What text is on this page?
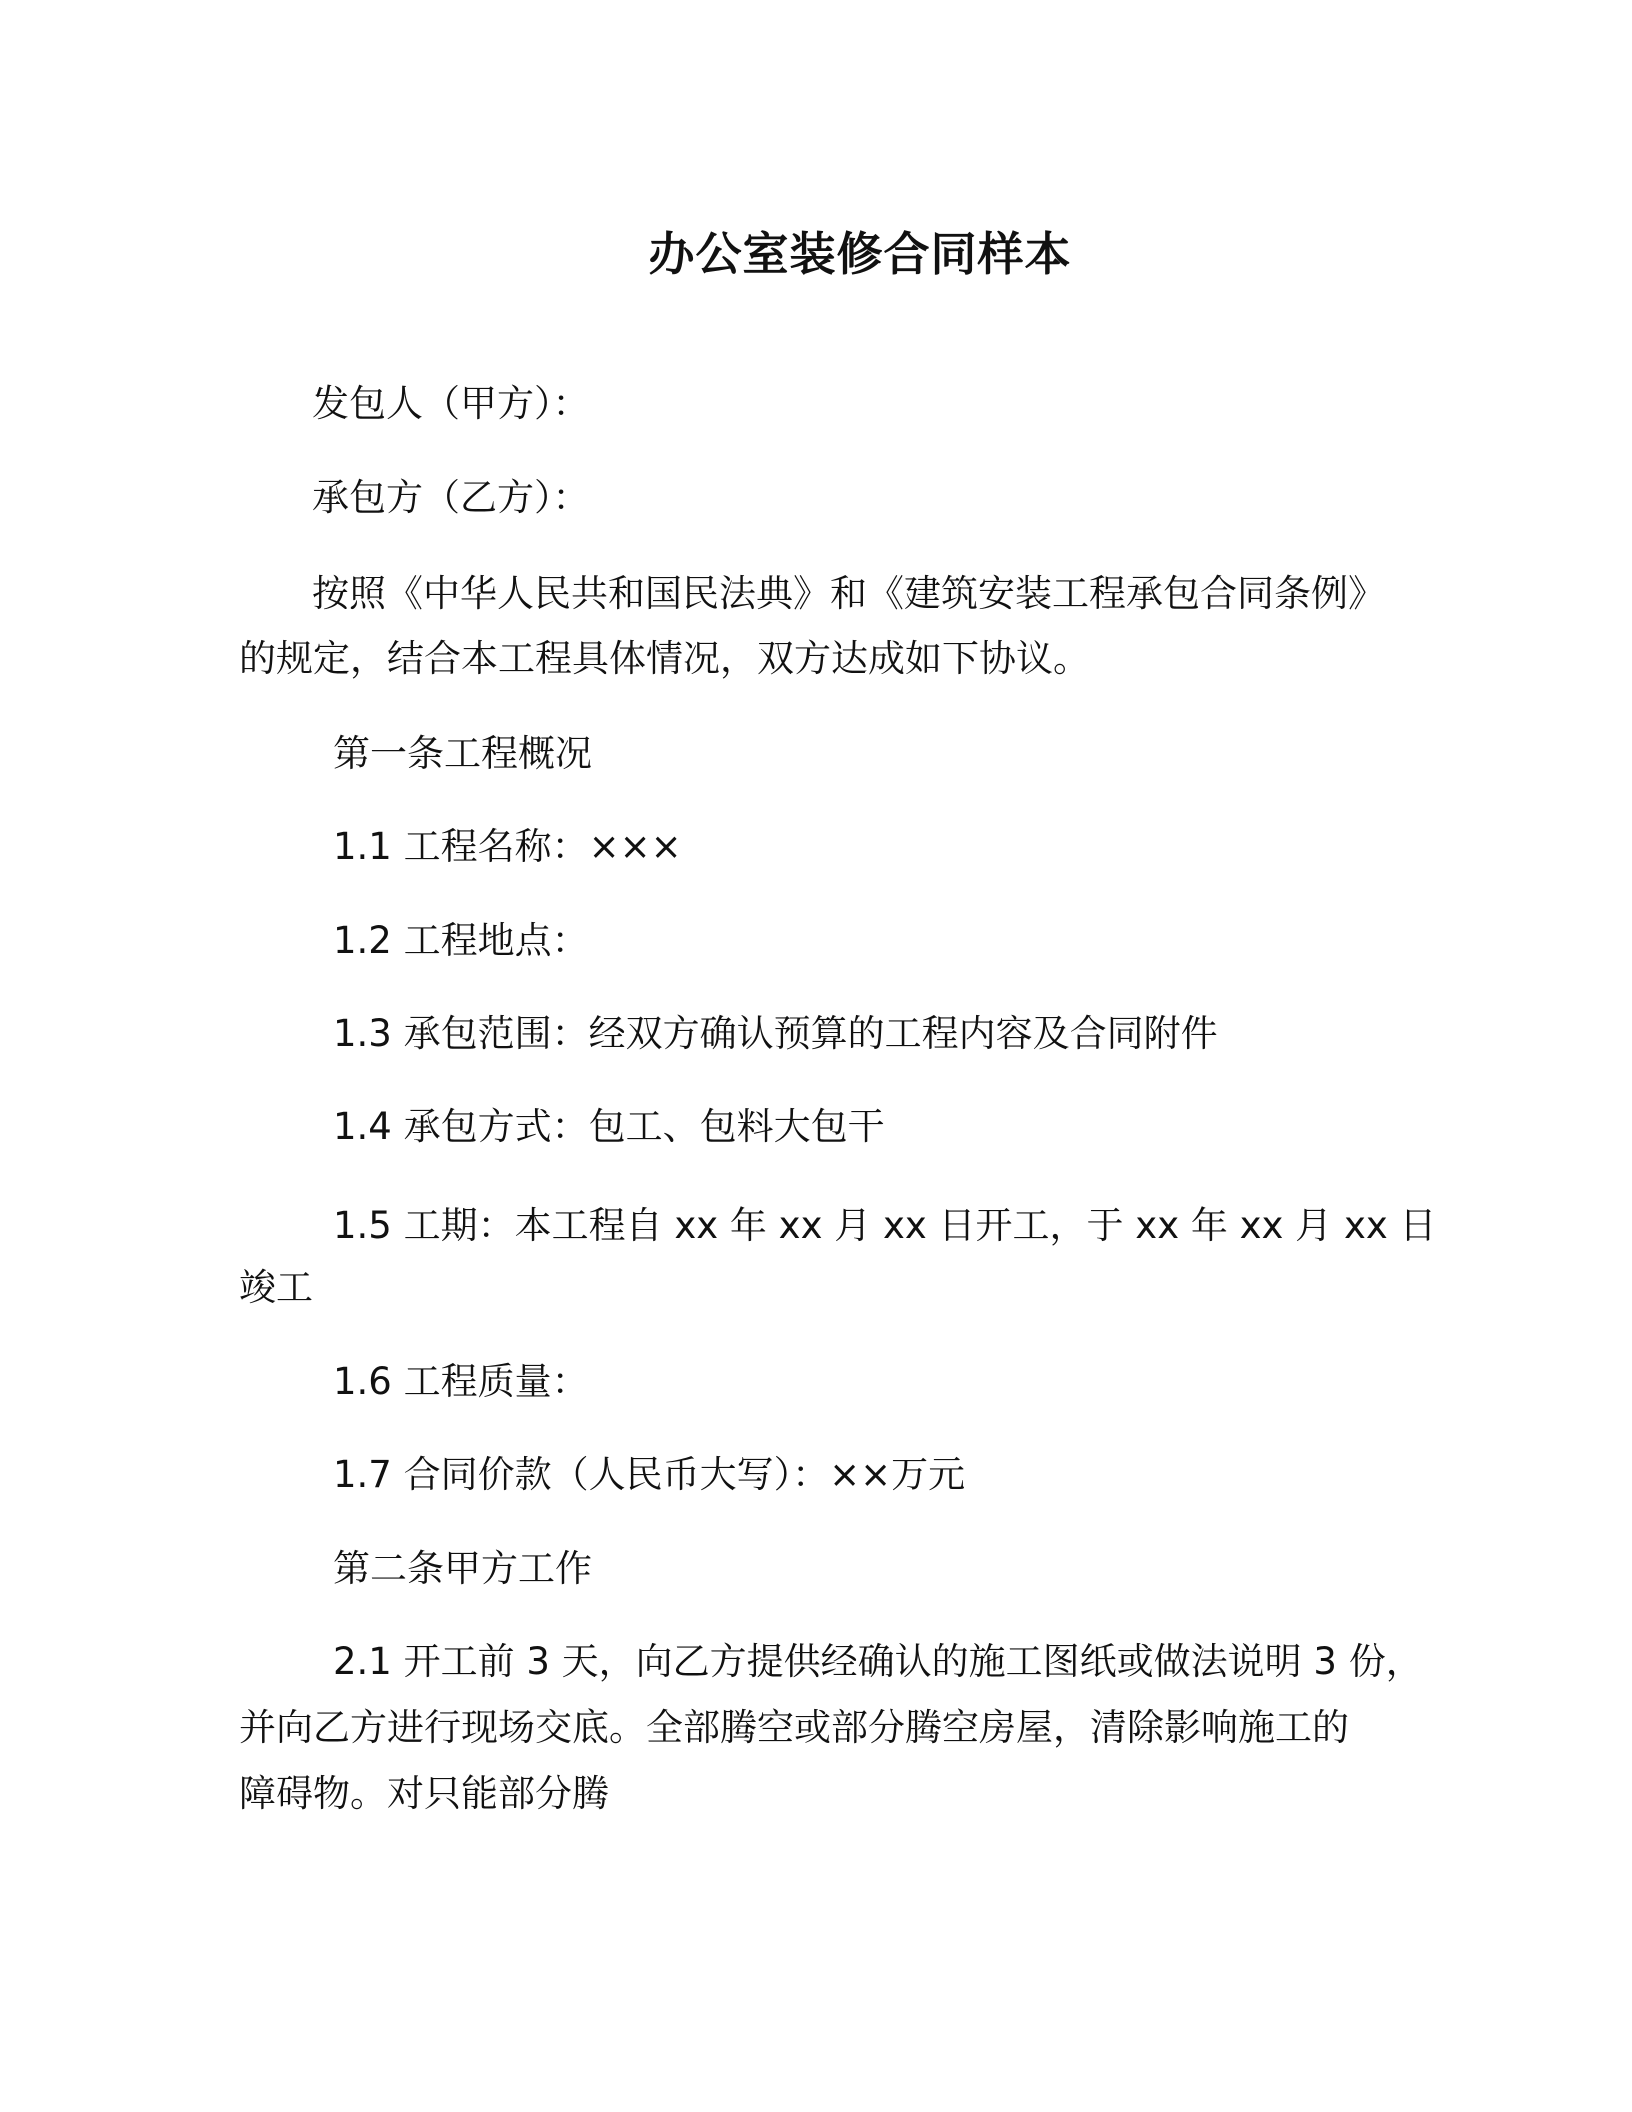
办公室装修合同样本
发包人（甲方）：
承包方（乙方）：
按照《中华人民共和国民法典》和《建筑安装工程承包合同条例》
的规定，结合本工程具体情况，双方达成如下协议。
第一条工程概况
1.1 工程名称：×××
1.2 工程地点：
1.3 承包范围：经双方确认预算的工程内容及合同附件
1.4 承包方式：包工、包料大包干
1.5 工期：本工程自 xx 年 xx 月 xx 日开工，于 xx 年 xx 月 xx 日
竣工
1.6 工程质量：
1.7 合同价款（人民币大写）：××万元
第二条甲方工作
2.1 开工前 3 天，向乙方提供经确认的施工图纸或做法说明 3 份，
并向乙方进行现场交底。全部腾空或部分腾空房屋，清除影响施工的
障碍物。对只能部分腾
